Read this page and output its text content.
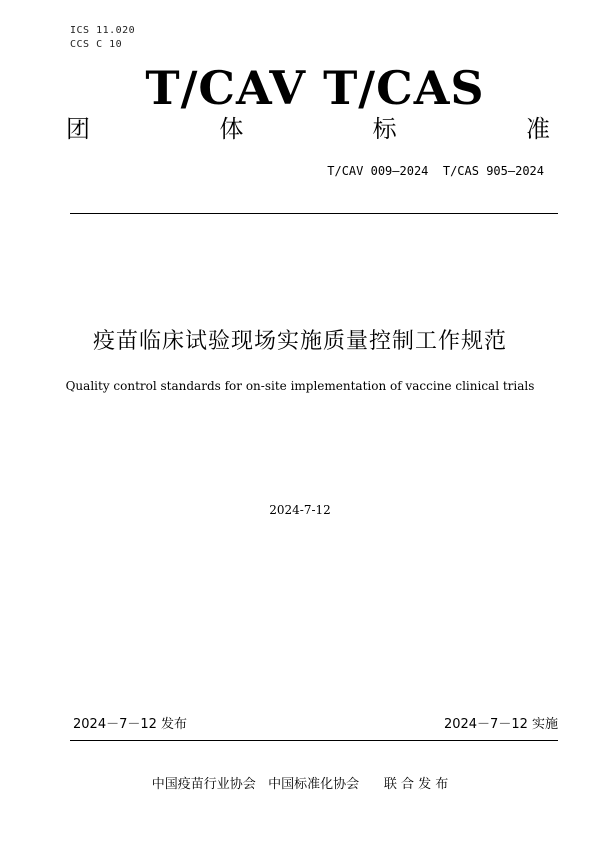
ICS 11.020
CCS C 10
T/CAV T/CAS
团	体	标	准
T/CAV 009—2024  T/CAS 905—2024
疫苗临床试验现场实施质量控制工作规范
Quality control standards for on-site implementation of vaccine clinical trials
2024-7-12
2024－7－12 发布	2024－7－12 实施
中国疫苗行业协会   中国标准化协会      联 合 发 布
